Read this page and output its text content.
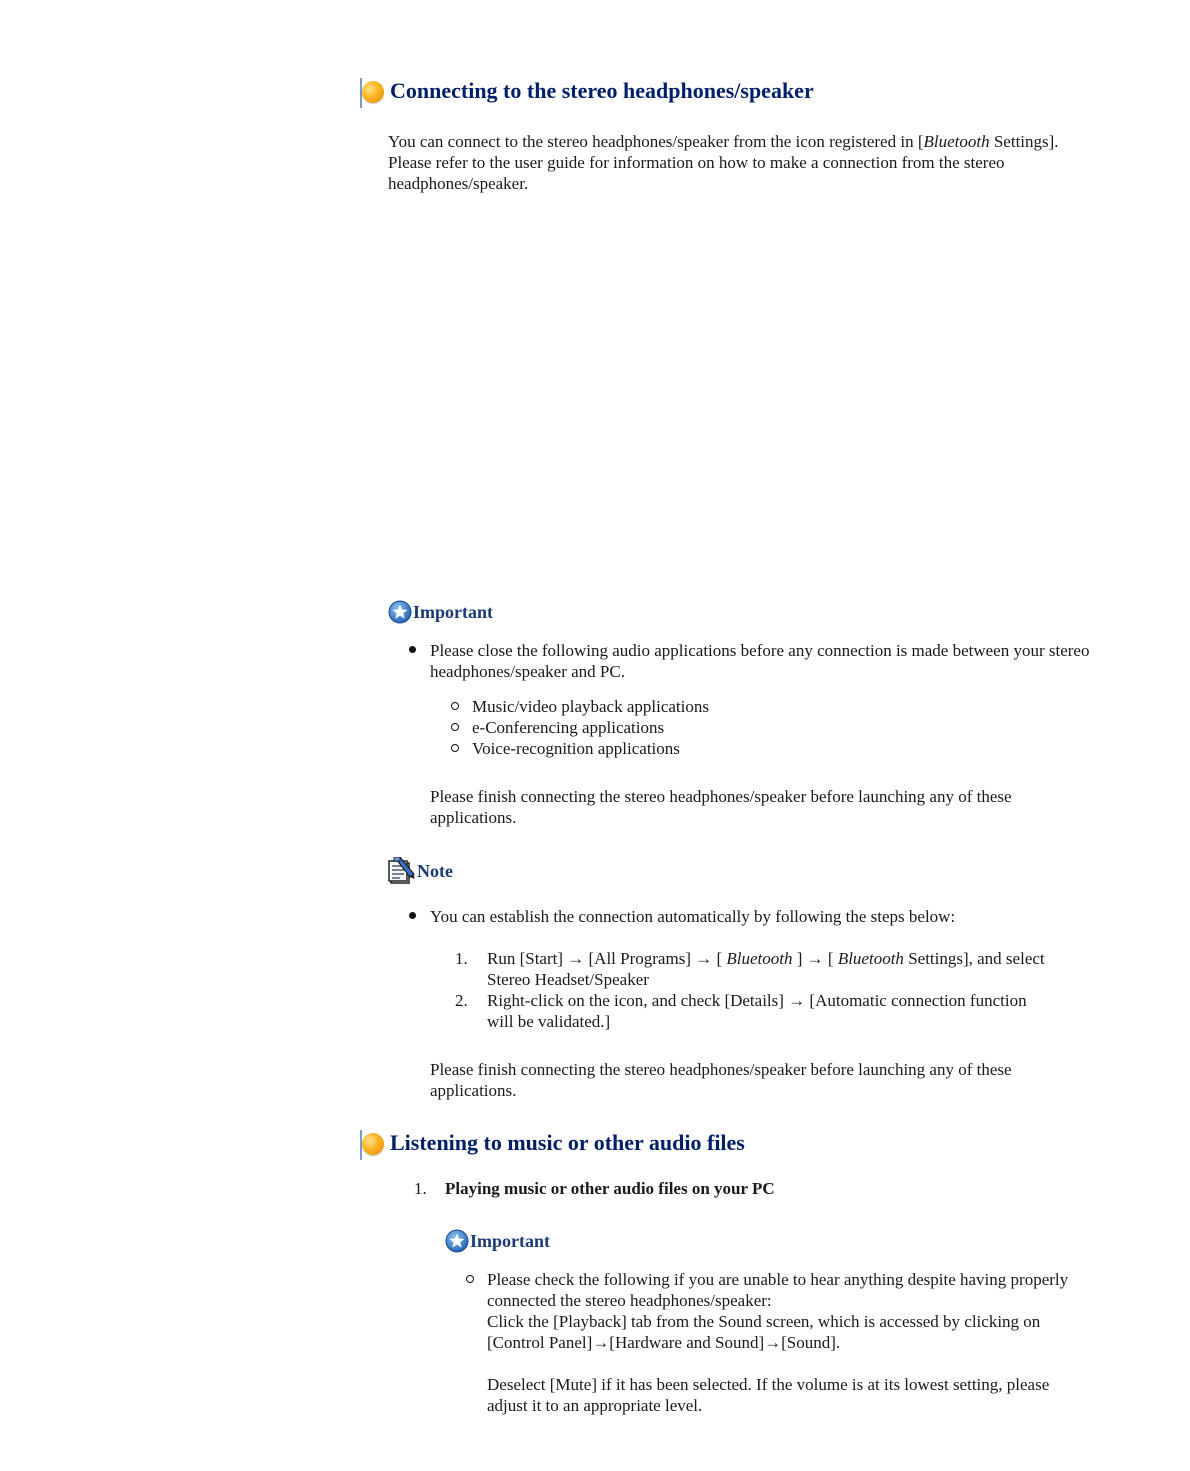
Connecting to the stereo headphones/speaker
You can connect to the stereo headphones/speaker from the icon registered in [Bluetooth Settings]. Please refer to the user guide for information on how to make a connection from the stereo headphones/speaker.
Important
Please close the following audio applications before any connection is made between your stereo headphones/speaker and PC.
Music/video playback applications
e-Conferencing applications
Voice-recognition applications
Please finish connecting the stereo headphones/speaker before launching any of these applications.
Note
You can establish the connection automatically by following the steps below:
1. Run [Start] → [All Programs] → [ Bluetooth ] → [ Bluetooth Settings], and select Stereo Headset/Speaker
2. Right-click on the icon, and check [Details] → [Automatic connection function will be validated.]
Please finish connecting the stereo headphones/speaker before launching any of these applications.
Listening to music or other audio files
1. Playing music or other audio files on your PC
Important
Please check the following if you are unable to hear anything despite having properly connected the stereo headphones/speaker:
Click the [Playback] tab from the Sound screen, which is accessed by clicking on [Control Panel]→[Hardware and Sound]→[Sound].
Deselect [Mute] if it has been selected. If the volume is at its lowest setting, please adjust it to an appropriate level.
